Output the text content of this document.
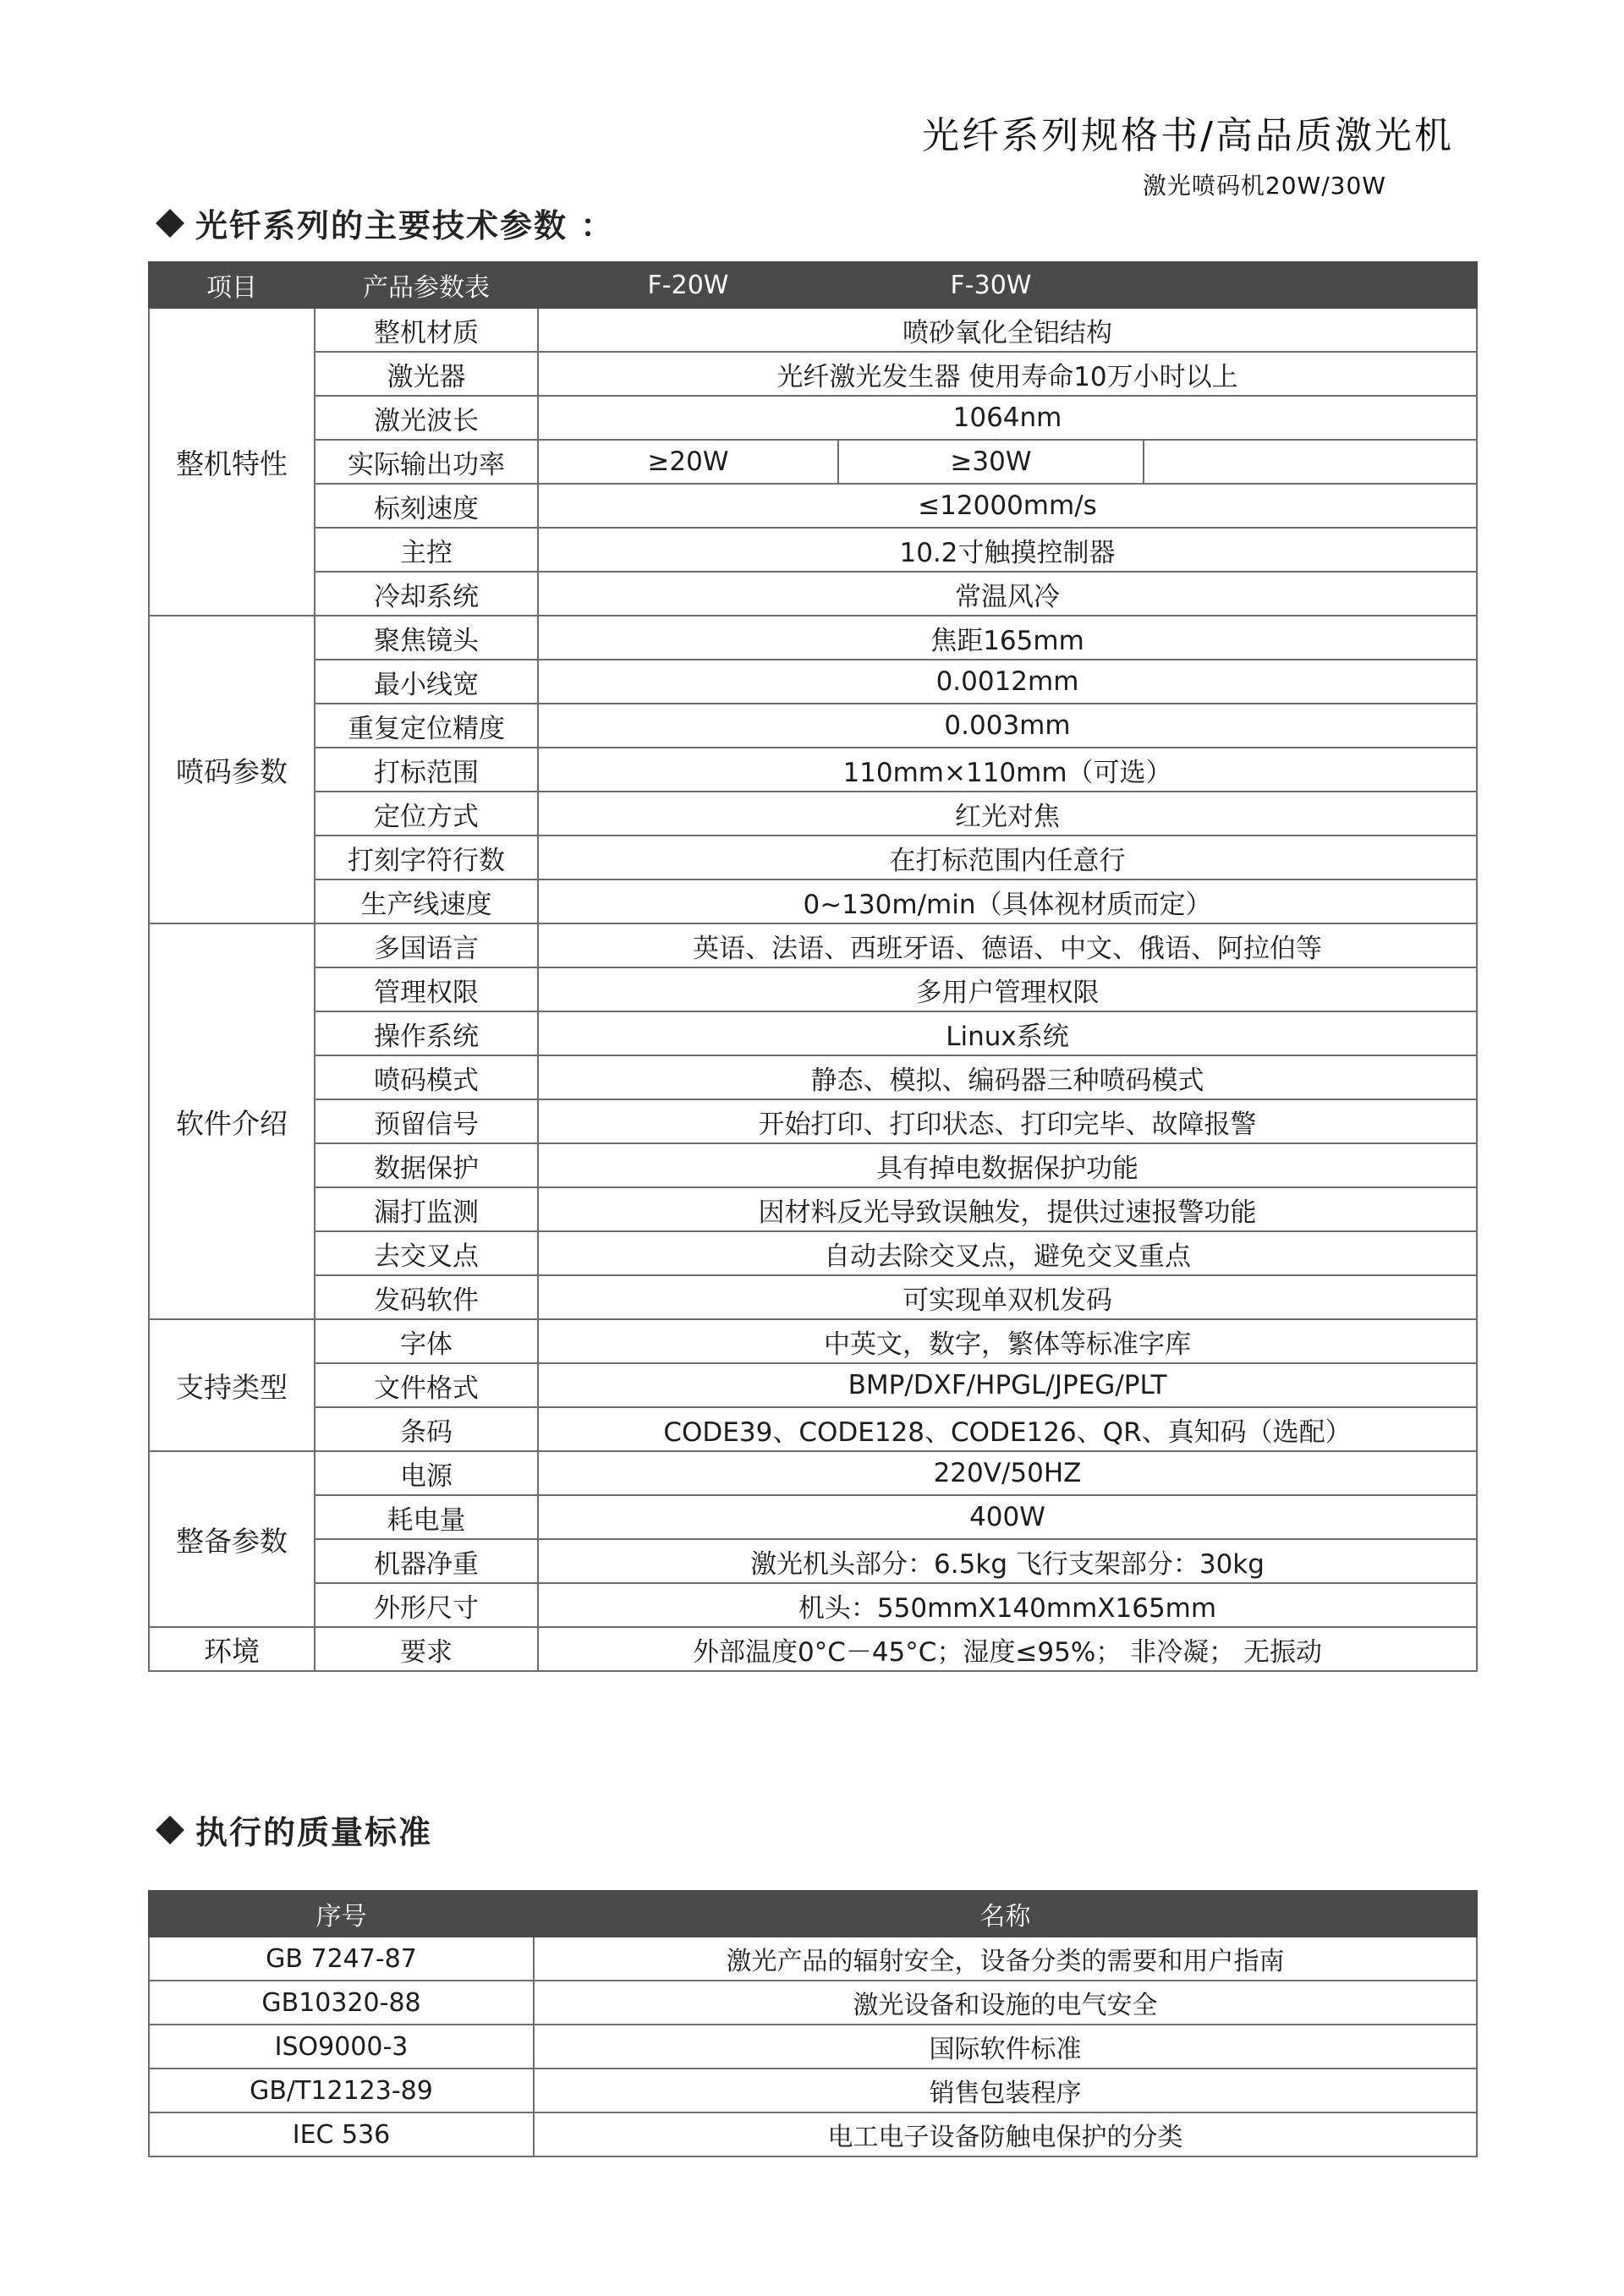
光纤系列规格书/高品质激光机
激光喷码机20W/30W
光钎系列的主要技术参数 ：
项目	产品参数表	F-20W	F-30W	
整机特性	整机材质	喷砂氧化全铝结构		
	激光器	光纤激光发生器 使用寿命10万小时以上		
	激光波长	1064nm		
	实际输出功率	≥20W	≥30W	
	标刻速度	≤12000mm/s		
	主控	10.2寸触摸控制器		
	冷却系统	常温风冷		
喷码参数	聚焦镜头	焦距165mm		
	最小线宽	0.0012mm		
	重复定位精度	0.003mm		
	打标范围	110mm×110mm（可选）		
	定位方式	红光对焦		
	打刻字符行数	在打标范围内任意行		
	生产线速度	0~130m/min（具体视材质而定）		
软件介绍	多国语言	英语、法语、西班牙语、德语、中文、俄语、阿拉伯等		
	管理权限	多用户管理权限		
	操作系统	Linux系统		
	喷码模式	静态、模拟、编码器三种喷码模式		
	预留信号	开始打印、打印状态、打印完毕、故障报警		
	数据保护	具有掉电数据保护功能		
	漏打监测	因材料反光导致误触发，提供过速报警功能		
	去交叉点	自动去除交叉点，避免交叉重点		
	发码软件	可实现单双机发码		
支持类型	字体	中英文，数字，繁体等标准字库		
	文件格式	BMP/DXF/HPGL/JPEG/PLT		
	条码	CODE39、CODE128、CODE126、QR、真知码（选配）		
整备参数	电源	220V/50HZ		
	耗电量	400W		
	机器净重	激光机头部分：6.5kg 飞行支架部分：30kg		
	外形尺寸	机头：550mmX140mmX165mm		
环境	要求	外部温度0°C－45°C；湿度≤95%； 非冷凝； 无振动		
执行的质量标准
序号	名称
GB 7247-87	激光产品的辐射安全，设备分类的需要和用户指南
GB10320-88	激光设备和设施的电气安全
ISO9000-3	国际软件标准
GB/T12123-89	销售包装程序
IEC 536	电工电子设备防触电保护的分类
